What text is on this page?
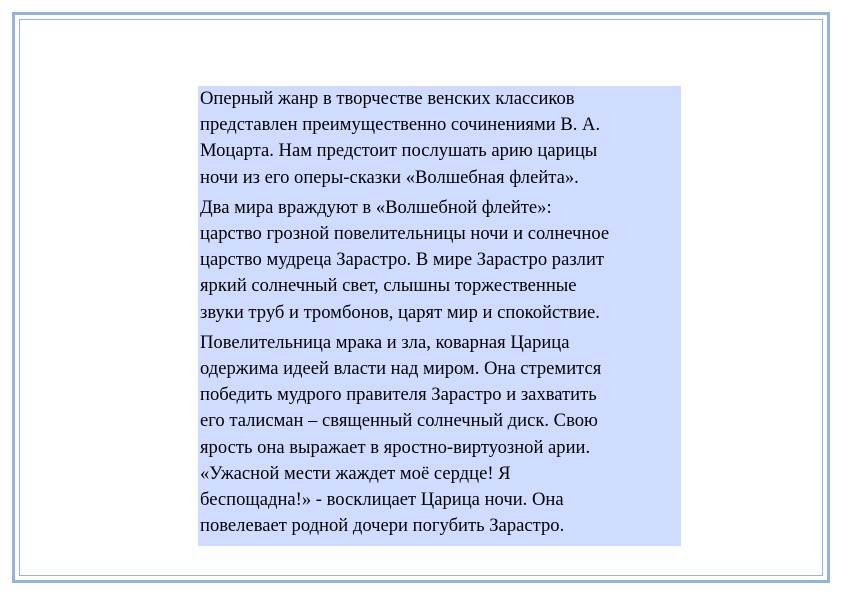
Оперный жанр в творчестве венских классиков
представлен преимущественно сочинениями В. А.
Моцарта. Нам предстоит послушать арию царицы
ночи из его оперы-сказки «Волшебная флейта».

Два мира враждуют в «Волшебной флейте»:
царство грозной повелительницы ночи и солнечное
царство мудреца Зарастро. В мире Зарастро разлит
яркий солнечный свет, слышны торжественные
звуки труб и тромбонов, царят мир и спокойствие.

Повелительница мрака и зла, коварная Царица
одержима идеей власти над миром. Она стремится
победить мудрого правителя Зарастро и захватить
его талисман – священный солнечный диск. Свою
ярость она выражает в яростно-виртуозной арии.
«Ужасной мести жаждет моё сердце! Я
беспощадна!» - восклицает Царица ночи. Она
повелевает родной дочери погубить Зарастро.
